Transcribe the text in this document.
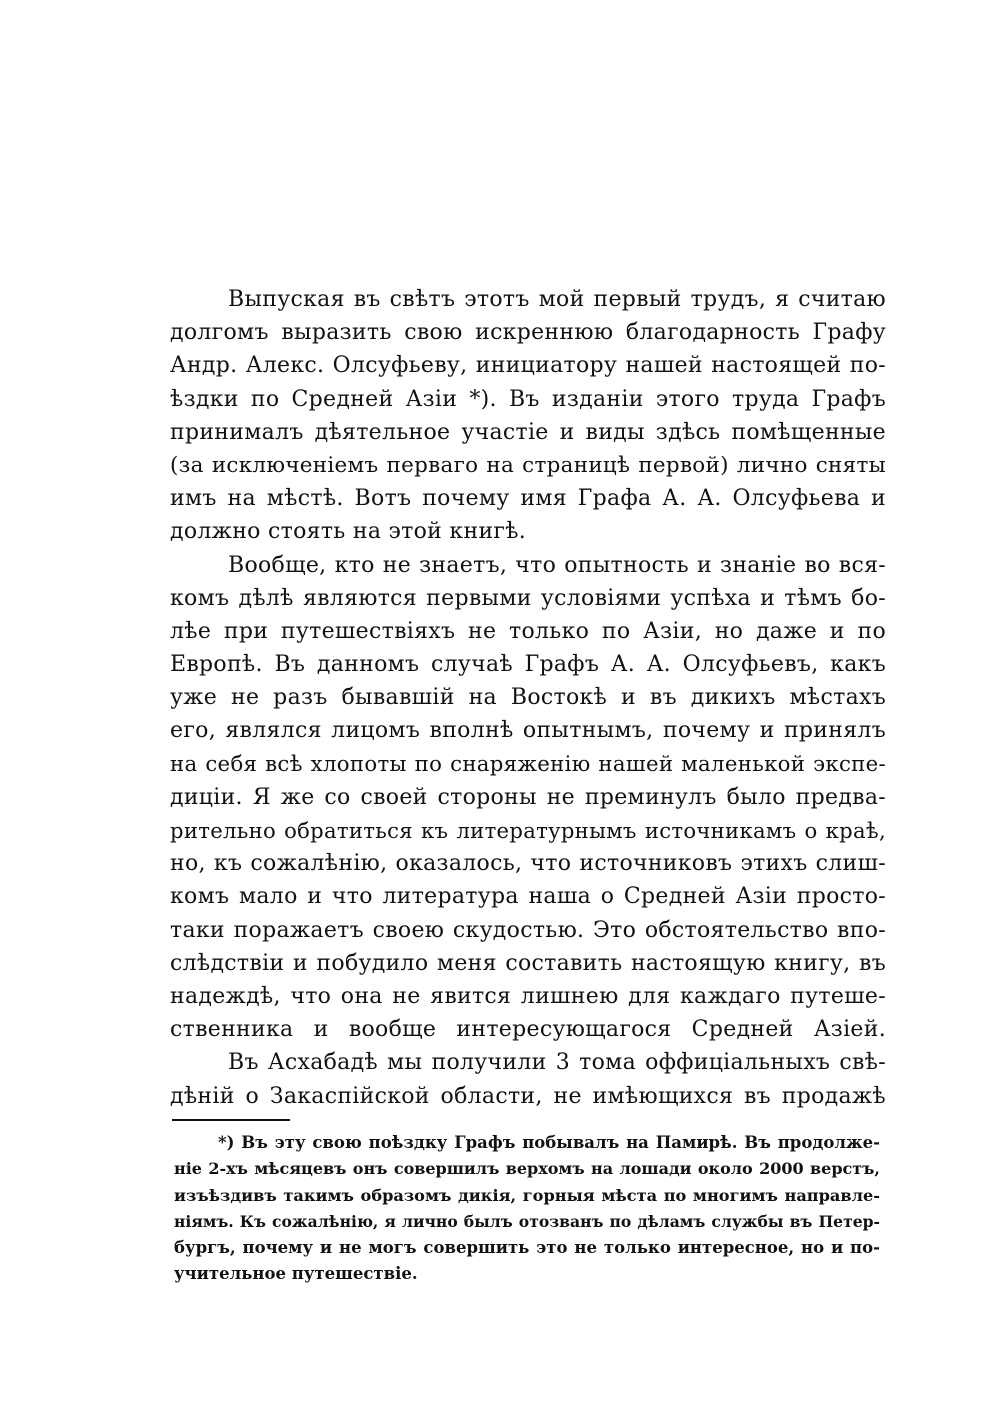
Выпуская въ свѣтъ этотъ мой первый трудъ, я считаю
долгомъ выразить свою искреннюю благодарность Графу
Андр. Алекс. Олсуфьеву, инициатору нашей настоящей по-
ѣздки по Средней Азіи *). Въ изданіи этого труда Графъ
принималъ дѣятельное участіе и виды здѣсь помѣщенные
(за исключеніемъ перваго на страницѣ первой) лично сняты
имъ на мѣстѣ. Вотъ почему имя Графа А. А. Олсуфьева и
должно стоять на этой книгѣ.
Вообще, кто не знаетъ, что опытность и знаніе во вся-
комъ дѣлѣ являются первыми условіями успѣха и тѣмъ бо-
лѣе при путешествіяхъ не только по Азіи, но даже и по
Европѣ. Въ данномъ случаѣ Графъ А. А. Олсуфьевъ, какъ
уже не разъ бывавшій на Востокѣ и въ дикихъ мѣстахъ
его, являлся лицомъ вполнѣ опытнымъ, почему и принялъ
на себя всѣ хлопоты по снаряженію нашей маленькой экспе-
диціи. Я же со своей стороны не преминулъ было предва-
рительно обратиться къ литературнымъ источникамъ о краѣ,
но, къ сожалѣнію, оказалось, что источниковъ этихъ слиш-
комъ мало и что литература наша о Средней Азіи просто-
таки поражаетъ своею скудостью. Это обстоятельство впо-
слѣдствіи и побудило меня составить настоящую книгу, въ
надеждѣ, что она не явится лишнею для каждаго путеше-
ственника и вообще интересующагося Средней Азіей.
Въ Асхабадѣ мы получили 3 тома оффиціальныхъ свѣ-
дѣній о Закаспійской области, не имѣющихся въ продажѣ
*) Въ эту свою поѣздку Графъ побывалъ на Памирѣ. Въ продолже-
ніе 2-хъ мѣсяцевъ онъ совершилъ верхомъ на лошади около 2000 верстъ,
изъѣздивъ такимъ образомъ дикія, горныя мѣста по многимъ направле-
ніямъ. Къ сожалѣнію, я лично былъ отозванъ по дѣламъ службы въ Петер-
бургъ, почему и не могъ совершить это не только интересное, но и по-
учительное путешествіе.
